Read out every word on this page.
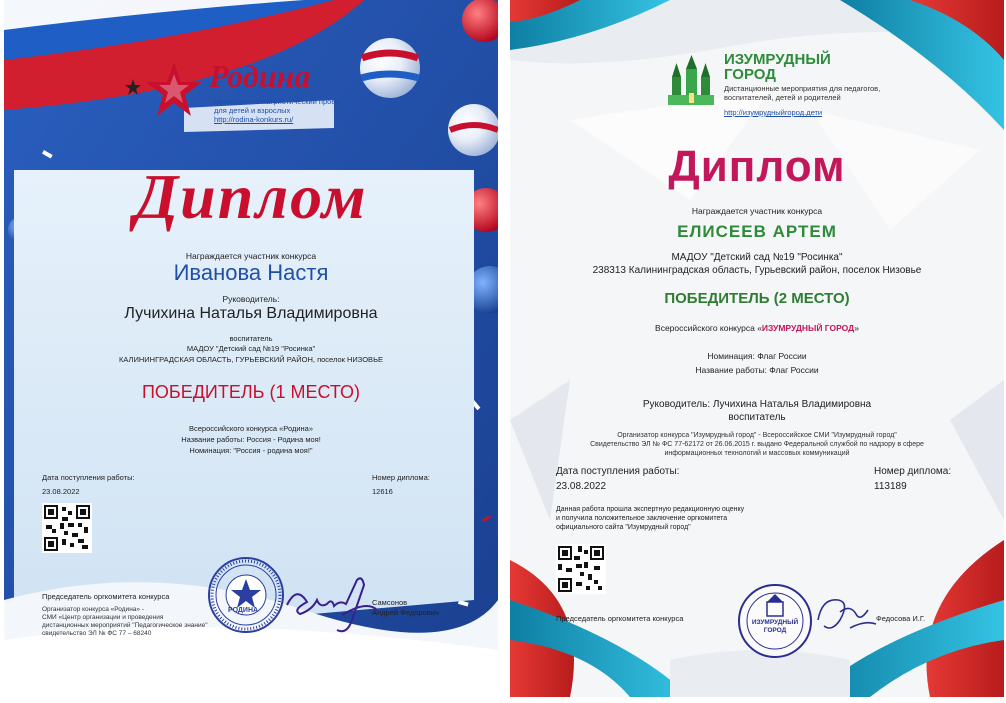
Родина
Нравственно-патриотический проект
для детей и взрослых
http://rodina-konkurs.ru/
Диплом
Награждается участник конкурса
Иванова Настя
Руководитель:
Лучихина Наталья Владимировна
воспитатель
МАДОУ "Детский сад №19 "Росинка"
КАЛИНИНГРАДСКАЯ ОБЛАСТЬ, ГУРЬЕВСКИЙ РАЙОН, поселок НИЗОВЬЕ
ПОБЕДИТЕЛЬ (1 МЕСТО)
Всероссийского конкурса «Родина»
Название работы: Россия - Родина моя!
Номинация: "Россия - родина моя!"
Дата поступления работы:
23.08.2022
Номер диплома:
12616
Председатель оргкомитета конкурса
Организатор конкурса «Родина» -
СМИ «Центр организации и проведения
дистанционных мероприятий "Педагогическое знание"
свидетельство ЭЛ № ФС 77 – 68240
РОДИНА
Самсонов
Андрей Федорович
ИЗУМРУДНЫЙ
ГОРОД
Дистанционные мероприятия для педагогов,
воспитателей, детей и родителей
http://изумрудныйгород.дети
Диплом
Награждается участник конкурса
ЕЛИСЕЕВ АРТЕМ
МАДОУ "Детский сад №19 "Росинка"
238313 Калининградская область, Гурьевский район, поселок Низовье
ПОБЕДИТЕЛЬ (2 МЕСТО)
Всероссийского конкурса «ИЗУМРУДНЫЙ ГОРОД»
Номинация: Флаг России
Название работы: Флаг России
Руководитель: Лучихина Наталья Владимировна
воспитатель
Организатор конкурса "Изумрудный город" - Всероссийское СМИ "Изумрудный город"
Свидетельство ЭЛ № ФС 77-62172 от 26.06.2015 г. выдано Федеральной службой по надзору в сфере
информационных технологий и массовых коммуникаций
Дата поступления работы:
23.08.2022
Номер диплома:
113189
Данная работа прошла экспертную редакционную оценку
и получила положительное заключение оргкомитета
официального сайта "Изумрудный город"
Председатель оргкомитета конкурса	ИЗУМРУДНЫЙ
ГОРОД
Федосова И.Г.
